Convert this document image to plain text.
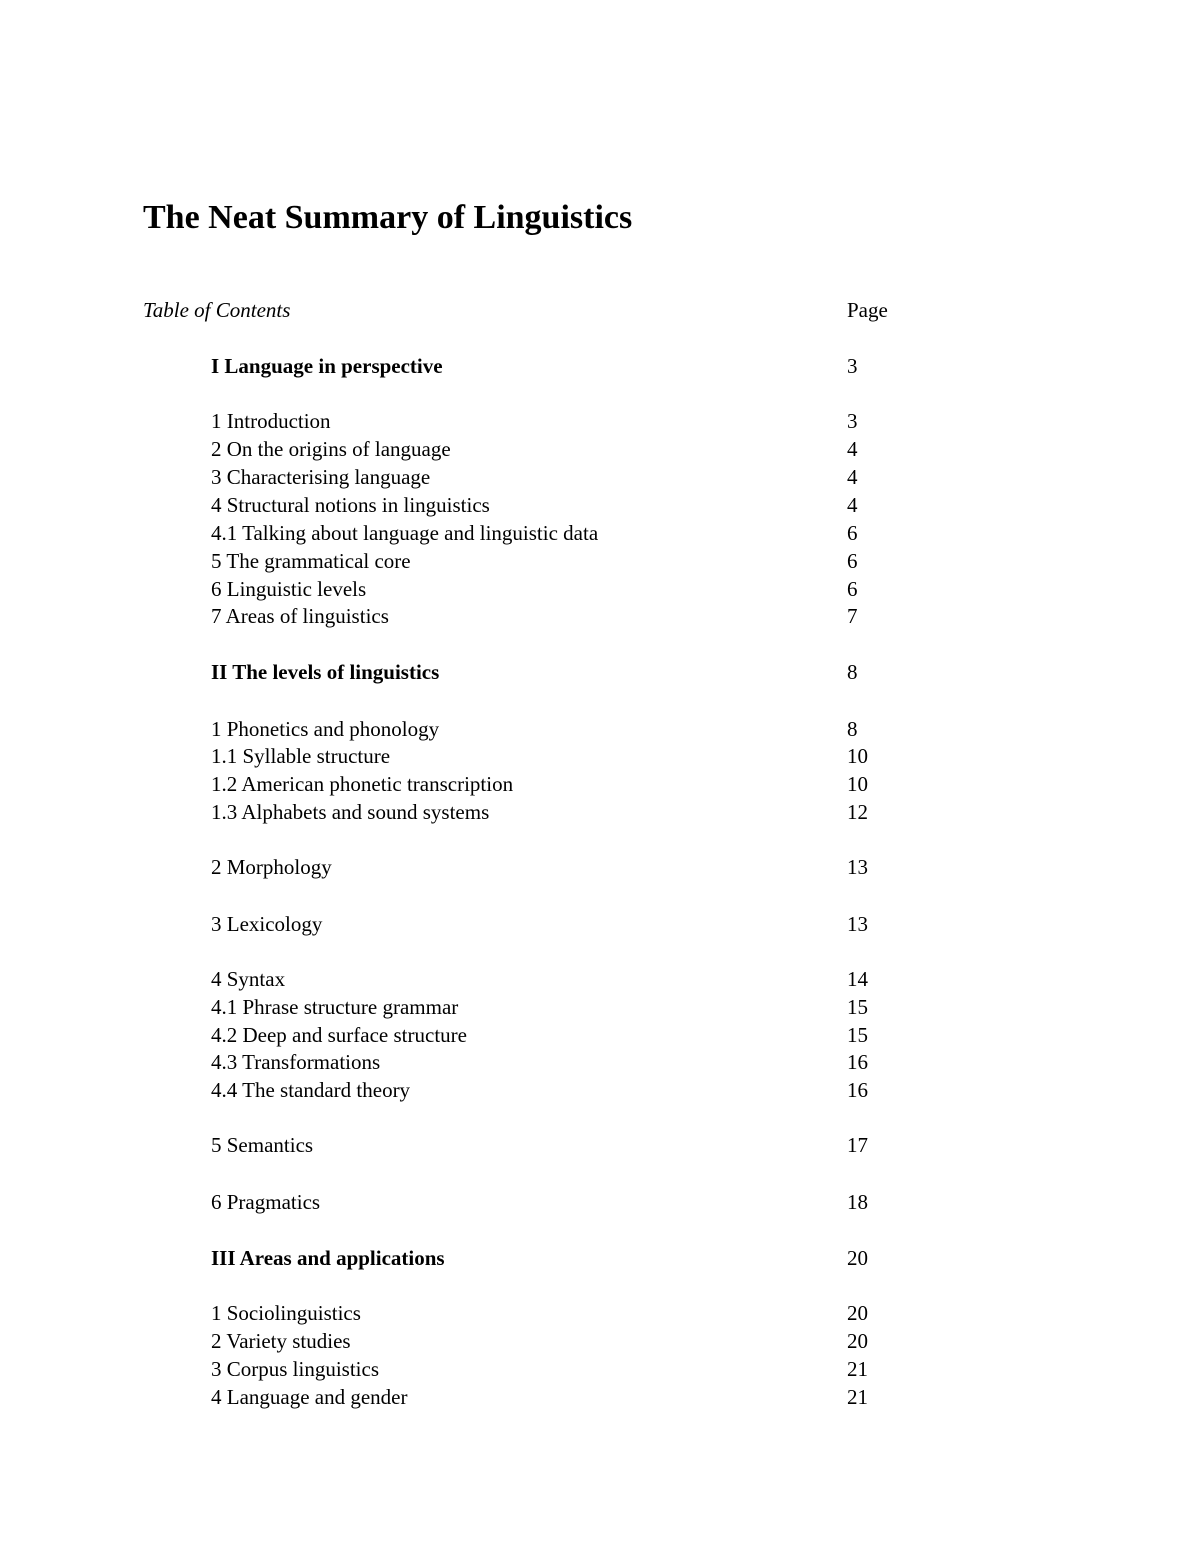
The Neat Summary of Linguistics
Table of Contents	Page
I Language in perspective	3
1 Introduction	3
2 On the origins of language	4
3 Characterising language	4
4 Structural notions in linguistics	4
4.1 Talking about language and linguistic data	6
5 The grammatical core	6
6 Linguistic levels	6
7 Areas of linguistics	7
II The levels of linguistics	8
1 Phonetics and phonology	8
1.1 Syllable structure	10
1.2 American phonetic transcription	10
1.3 Alphabets and sound systems	12
2 Morphology	13
3 Lexicology	13
4 Syntax	14
4.1 Phrase structure grammar	15
4.2 Deep and surface structure	15
4.3 Transformations	16
4.4 The standard theory	16
5 Semantics	17
6 Pragmatics	18
III Areas and applications	20
1 Sociolinguistics	20
2 Variety studies	20
3 Corpus linguistics	21
4 Language and gender	21
